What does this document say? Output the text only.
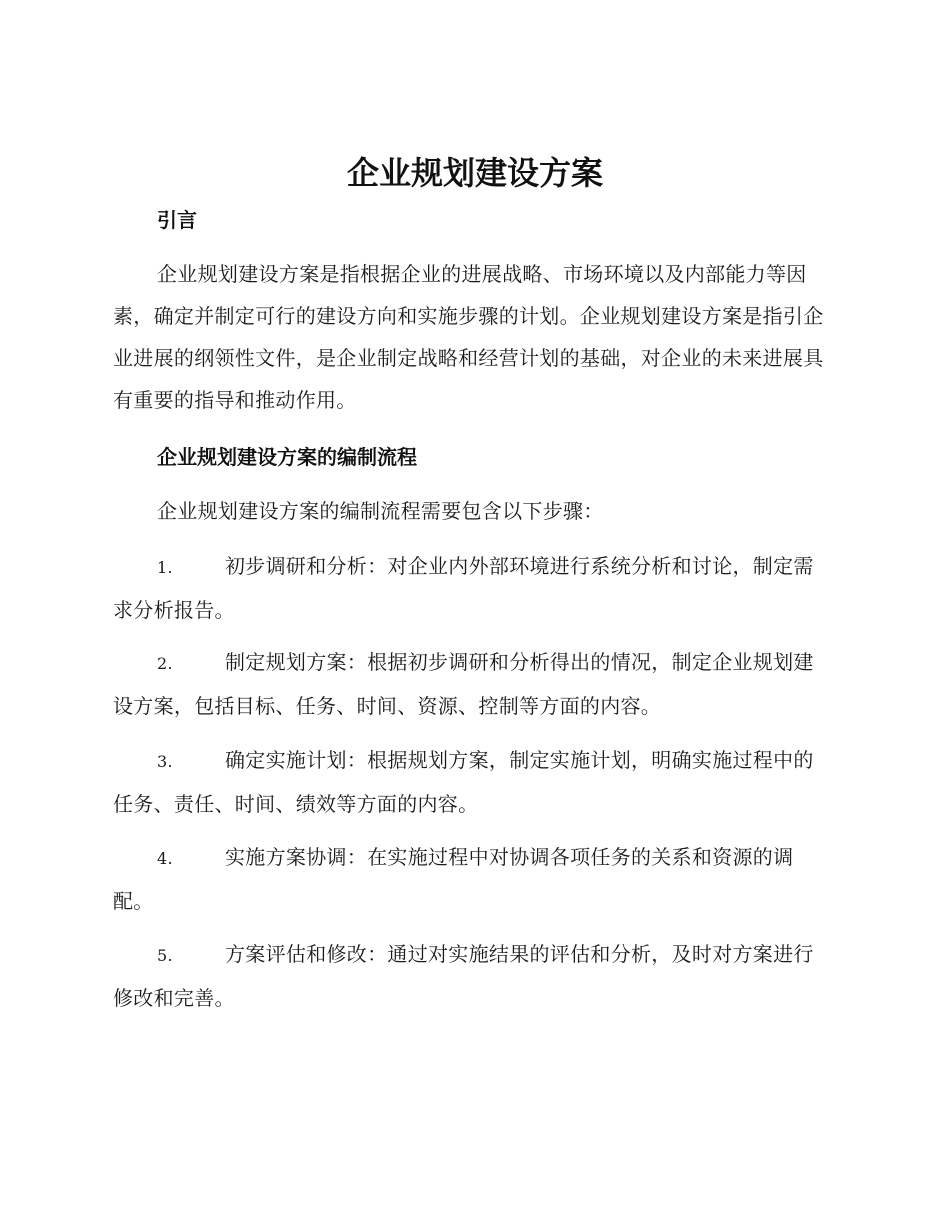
企业规划建设方案
引言

企业规划建设方案是指根据企业的进展战略、市场环境以及内部能力等因素，确定并制定可行的建设方向和实施步骤的计划。企业规划建设方案是指引企业进展的纲领性文件，是企业制定战略和经营计划的基础，对企业的未来进展具有重要的指导和推动作用。

企业规划建设方案的编制流程

企业规划建设方案的编制流程需要包含以下步骤：

1.	初步调研和分析：对企业内外部环境进行系统分析和讨论，制定需求分析报告。

2.	制定规划方案：根据初步调研和分析得出的情况，制定企业规划建设方案，包括目标、任务、时间、资源、控制等方面的内容。

3.	确定实施计划：根据规划方案，制定实施计划，明确实施过程中的任务、责任、时间、绩效等方面的内容。

4.	实施方案协调：在实施过程中对协调各项任务的关系和资源的调配。

5.	方案评估和修改：通过对实施结果的评估和分析，及时对方案进行修改和完善。
